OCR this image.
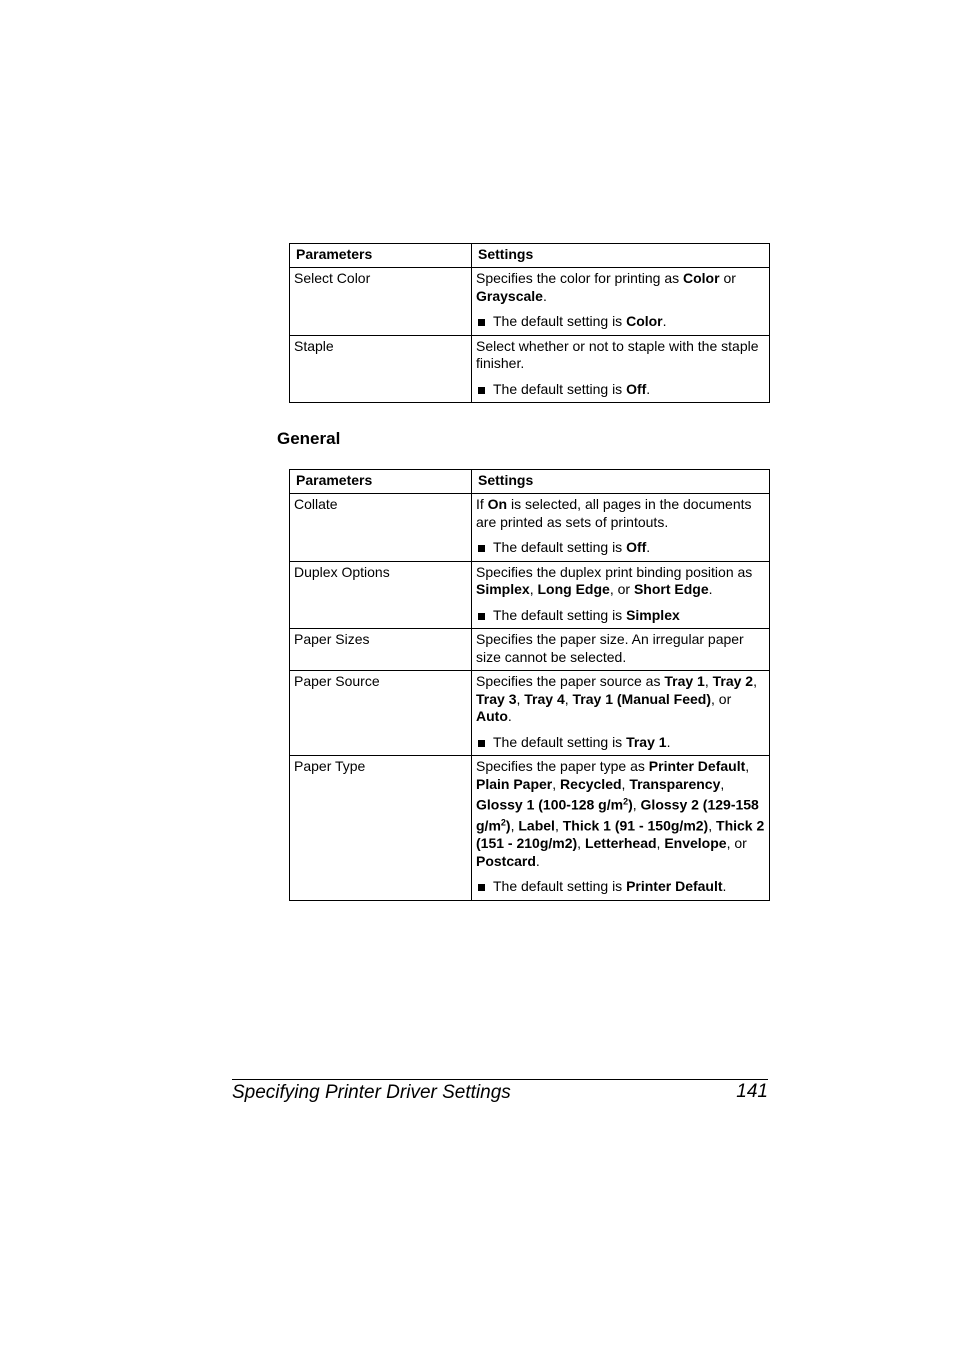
Parameters	Settings
Select Color	Specifies the color for printing as Color or Grayscale.

The default setting is Color.

Staple	Select whether or not to staple with the staple finisher.

The default setting is Off.

General
Parameters	Settings
Collate	If On is selected, all pages in the documents are printed as sets of printouts.

The default setting is Off.

Duplex Options	Specifies the duplex print binding position as Simplex, Long Edge, or Short Edge.

The default setting is Simplex

Paper Sizes	Specifies the paper size. An irregular paper size cannot be selected.

Paper Source	Specifies the paper source as Tray 1, Tray 2, Tray 3, Tray 4, Tray 1 (Manual Feed), or Auto.

The default setting is Tray 1.

Paper Type	Specifies the paper type as Printer Default, Plain Paper, Recycled, Transparency, Glossy 1 (100-128 $g/m^2$), Glossy 2 (129-158 $g/m^2$), Label, Thick 1 (91 - 150g/m2), Thick 2 (151 - 210g/m2), Letterhead, Envelope, or Postcard.

The default setting is Printer Default.

Specifying Printer Driver Settings	141
